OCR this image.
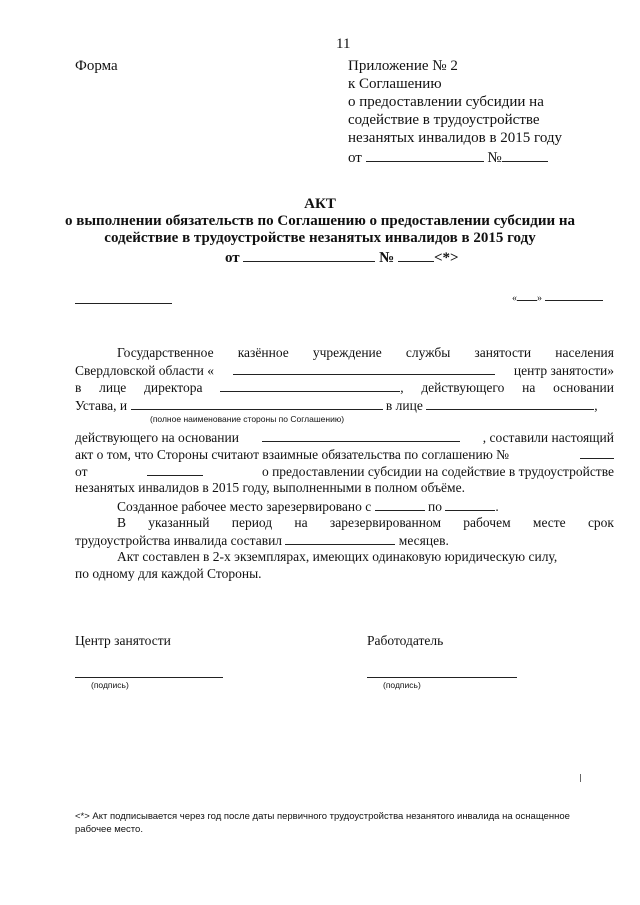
11
Форма	Приложение № 2
к Соглашению
о предоставлении субсидии на
содействие в трудоустройстве
незанятых инвалидов в 2015 году
от	№
АКТ
о выполнении обязательств по Соглашению о предоставлении субсидии на
содействие в трудоустройстве незанятых инвалидов в 2015 году
от	№	<*>
« »
Государственное казённое учреждение службы занятости населения
Свердловской области «	центр занятости»
в лице директора	, действующего на основании
Устава, и	в лице	,
(полное наименование стороны по Соглашению)
действующего на основании	, составили настоящий
акт о том, что Стороны считают взаимные обязательства по соглашению №
от	о предоставлении субсидии на содействие в трудоустройстве
незанятых инвалидов в 2015 году, выполненными в полном объёме.
Созданное рабочее место зарезервировано с	по	.
В указанный период на зарезервированном рабочем месте срок
трудоустройства инвалида составил	месяцев.
Акт составлен в 2-х экземплярах, имеющих одинаковую юридическую силу,
по одному для каждой Стороны.
Центр занятости	Работодатель
(подпись)	(подпись)
<*> Акт подписывается через год после даты первичного трудоустройства незанятого инвалида на оснащенное
рабочее место.
